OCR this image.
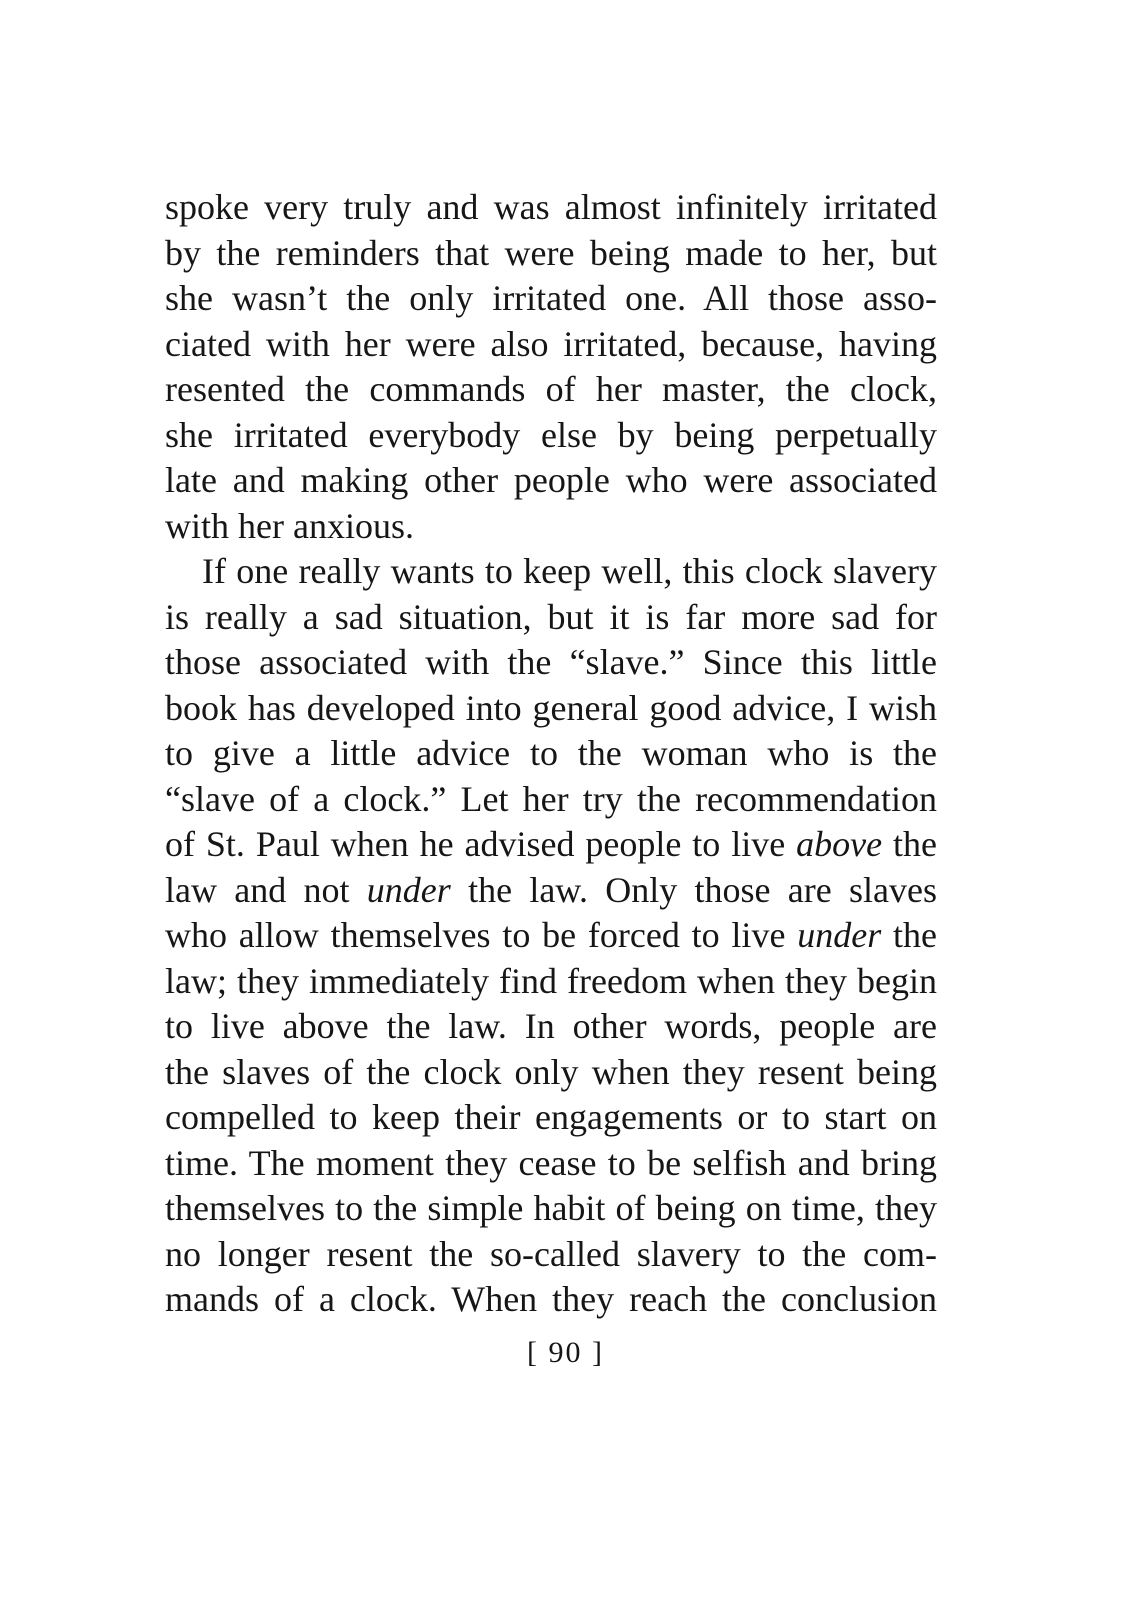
spoke very truly and was almost infinitely irritated
by the reminders that were being made to her, but
she wasn’t the only irritated one. All those asso-
ciated with her were also irritated, because, having
resented the commands of her master, the clock,
she irritated everybody else by being perpetually
late and making other people who were associated
with her anxious.
If one really wants to keep well, this clock slavery
is really a sad situation, but it is far more sad for
those associated with the “slave.” Since this little
book has developed into general good advice, I wish
to give a little advice to the woman who is the
“slave of a clock.” Let her try the recommendation
of St. Paul when he advised people to live above the
law and not under the law. Only those are slaves
who allow themselves to be forced to live under the
law; they immediately find freedom when they begin
to live above the law. In other words, people are
the slaves of the clock only when they resent being
compelled to keep their engagements or to start on
time. The moment they cease to be selfish and bring
themselves to the simple habit of being on time, they
no longer resent the so-called slavery to the com-
mands of a clock. When they reach the conclusion
[ 90 ]
